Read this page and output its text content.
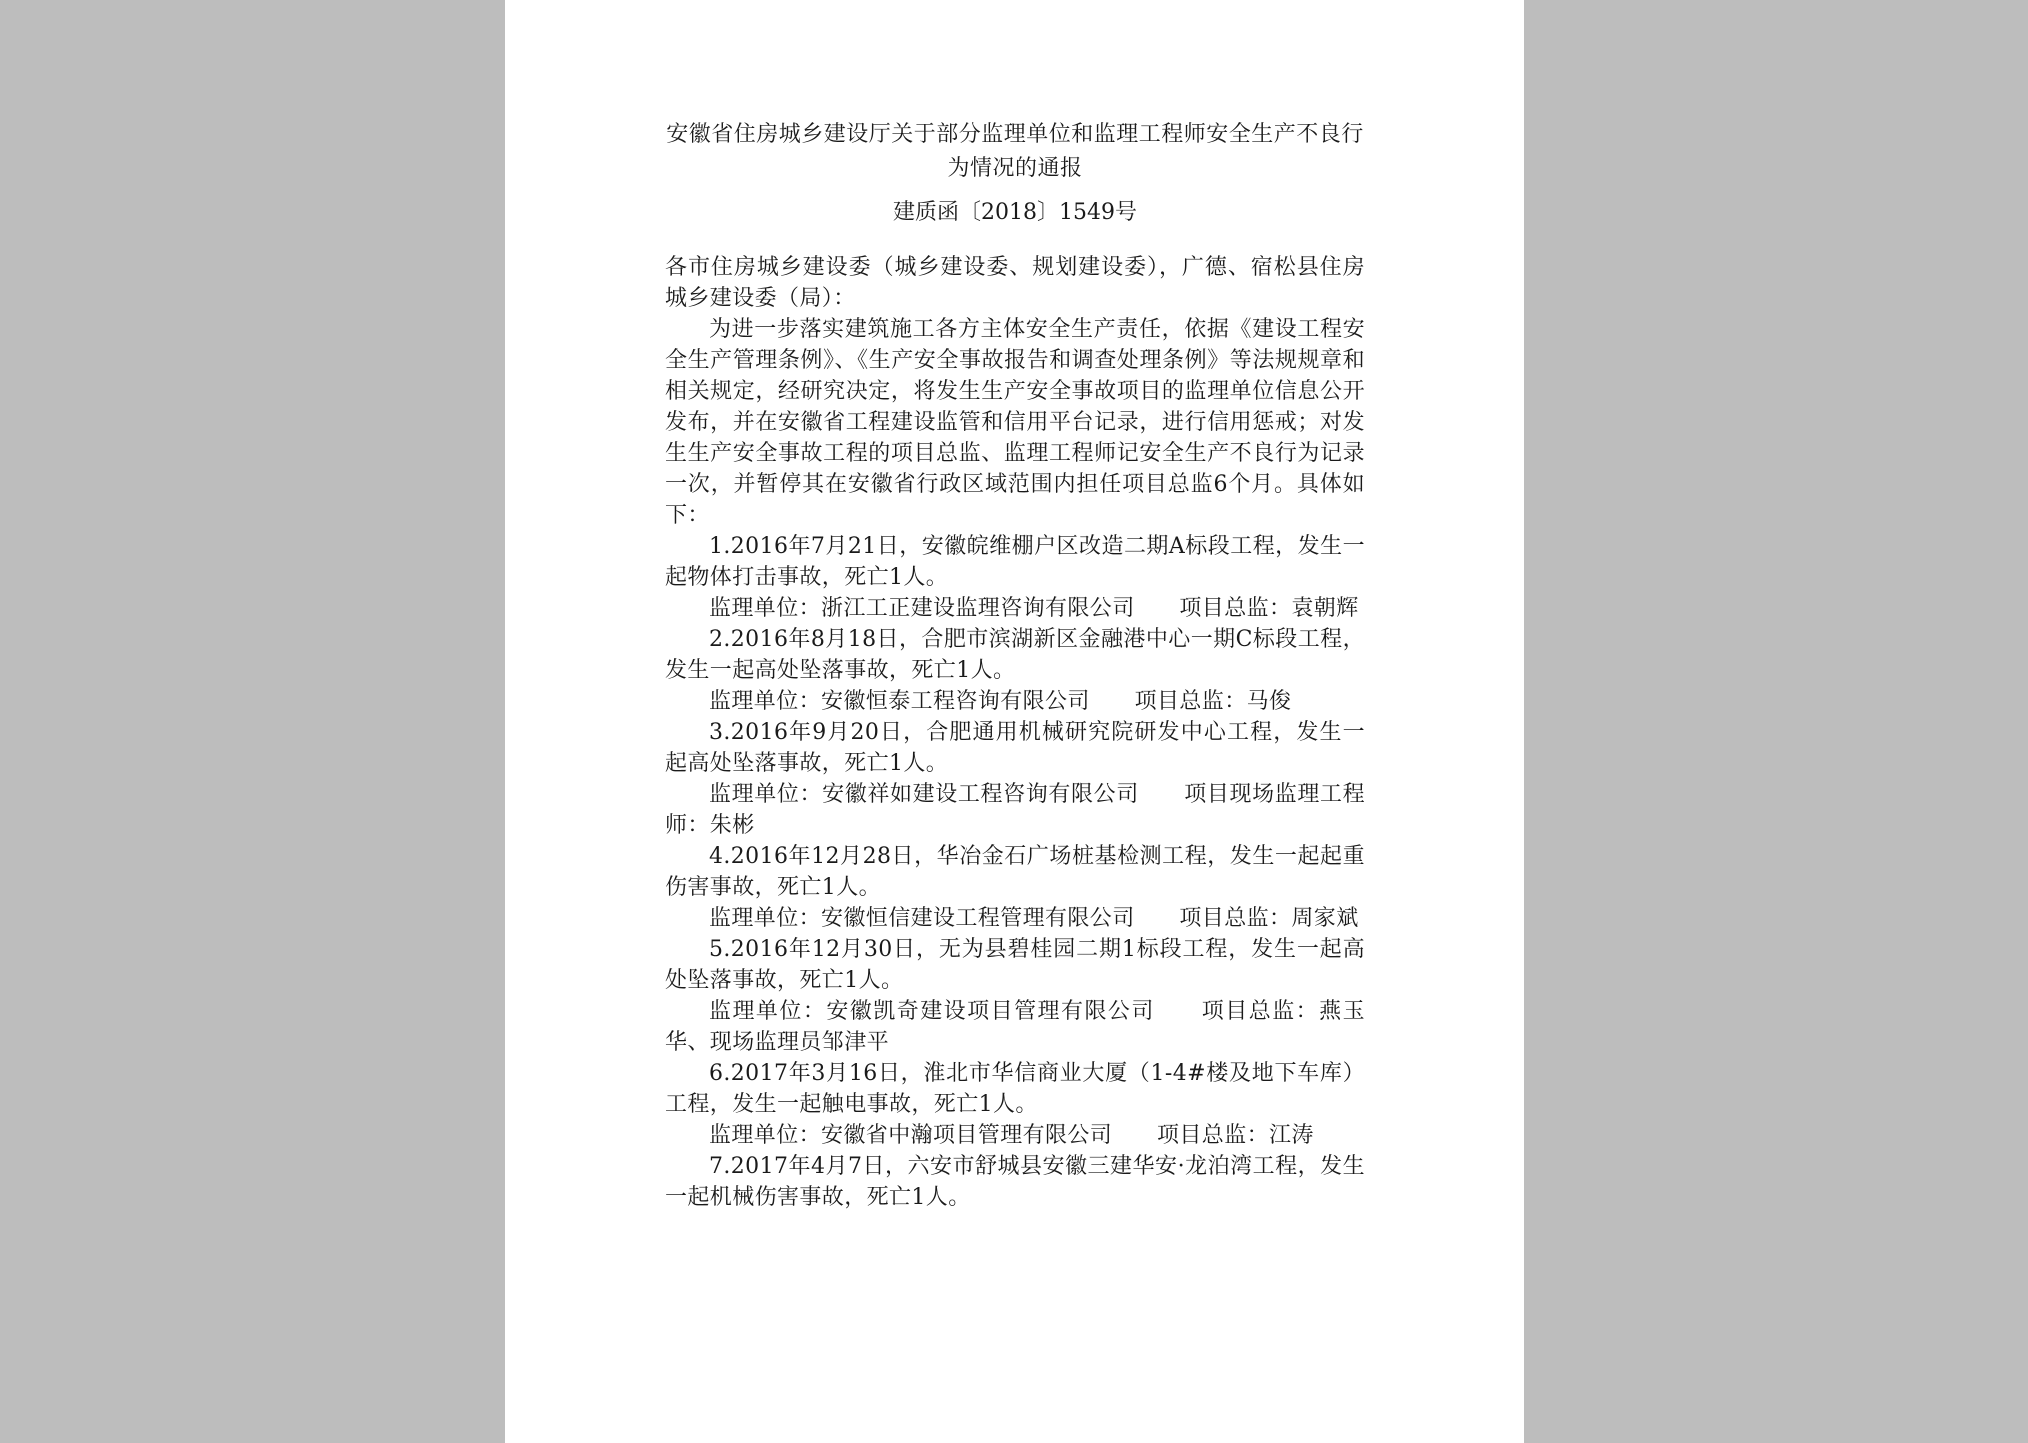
安徽省住房城乡建设厅关于部分监理单位和监理工程师安全生产不良行为情况的通报
建质函〔2018〕1549号

各市住房城乡建设委（城乡建设委、规划建设委），广德、宿松县住房城乡建设委（局）：

为进一步落实建筑施工各方主体安全生产责任，依据《建设工程安全生产管理条例》、《生产安全事故报告和调查处理条例》等法规规章和相关规定，经研究决定，将发生生产安全事故项目的监理单位信息公开发布，并在安徽省工程建设监管和信用平台记录，进行信用惩戒；对发生生产安全事故工程的项目总监、监理工程师记安全生产不良行为记录一次，并暂停其在安徽省行政区域范围内担任项目总监6个月。具体如下：

1.2016年7月21日，安徽皖维棚户区改造二期A标段工程，发生一起物体打击事故，死亡1人。

监理单位：浙江工正建设监理咨询有限公司　　项目总监：袁朝辉

2.2016年8月18日，合肥市滨湖新区金融港中心一期C标段工程，发生一起高处坠落事故，死亡1人。

监理单位：安徽恒泰工程咨询有限公司　　项目总监：马俊

3.2016年9月20日，合肥通用机械研究院研发中心工程，发生一起高处坠落事故，死亡1人。

监理单位：安徽祥如建设工程咨询有限公司　　项目现场监理工程师：朱彬

4.2016年12月28日，华冶金石广场桩基检测工程，发生一起起重伤害事故，死亡1人。

监理单位：安徽恒信建设工程管理有限公司　　项目总监：周家斌

5.2016年12月30日，无为县碧桂园二期1标段工程，发生一起高处坠落事故，死亡1人。

监理单位：安徽凯奇建设项目管理有限公司　　项目总监：燕玉华、现场监理员邹津平

6.2017年3月16日，淮北市华信商业大厦（1-4#楼及地下车库）工程，发生一起触电事故，死亡1人。

监理单位：安徽省中瀚项目管理有限公司　　项目总监：江涛

7.2017年4月7日，六安市舒城县安徽三建华安·龙泊湾工程，发生一起机械伤害事故，死亡1人。
